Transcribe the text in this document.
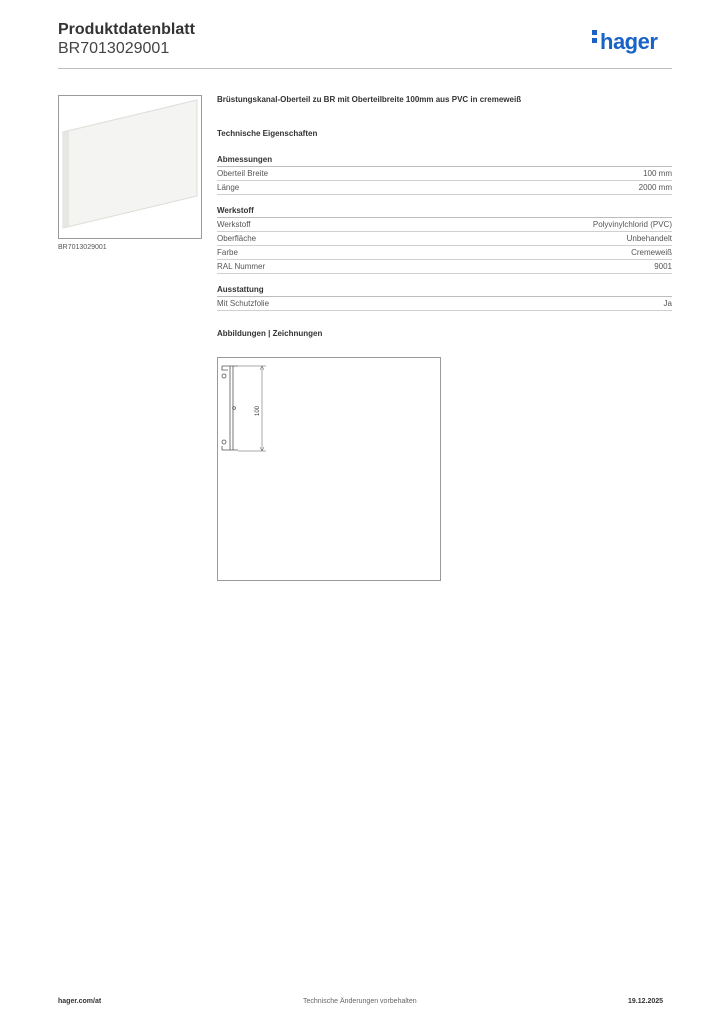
Produktdatenblatt
BR7013029001	hager
BR7013029001

Brüstungskanal-Oberteil zu BR mit Oberteilbreite 100mm aus PVC in cremeweiß

Technische Eigenschaften
Abmessungen
Oberteil Breite	100 mm
Länge	2000 mm
Werkstoff
Werkstoff	Polyvinylchlorid (PVC)
Oberfläche	Unbehandelt
Farbe	Cremeweiß
RAL Nummer	9001
Ausstattung
Mit Schutzfolie	Ja
Abbildungen | Zeichnungen
100
hager.com/at	Technische Änderungen vorbehalten	19.12.2025
